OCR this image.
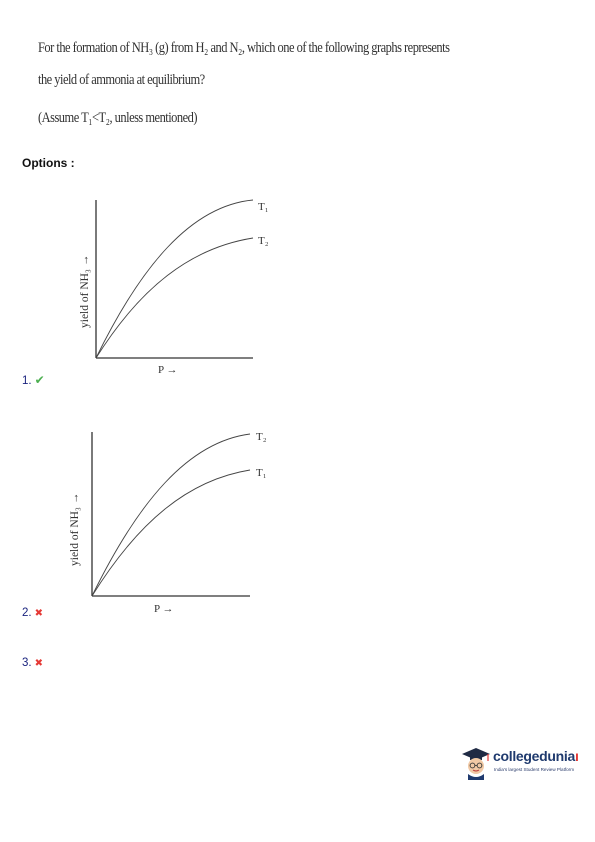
For the formation of NH₃ (g) from H₂ and N₂, which one of the following graphs represents
the yield of ammonia at equilibrium?
(Assume T₁<T₂, unless mentioned)
Options :
T₁
T₂
yield of NH₃ →
P →
1. ✔
T₂
T₁
yield of NH₃ →
P →
2. ✖
3. ✖
collegeduniaı
India's largest Student Review Platform
